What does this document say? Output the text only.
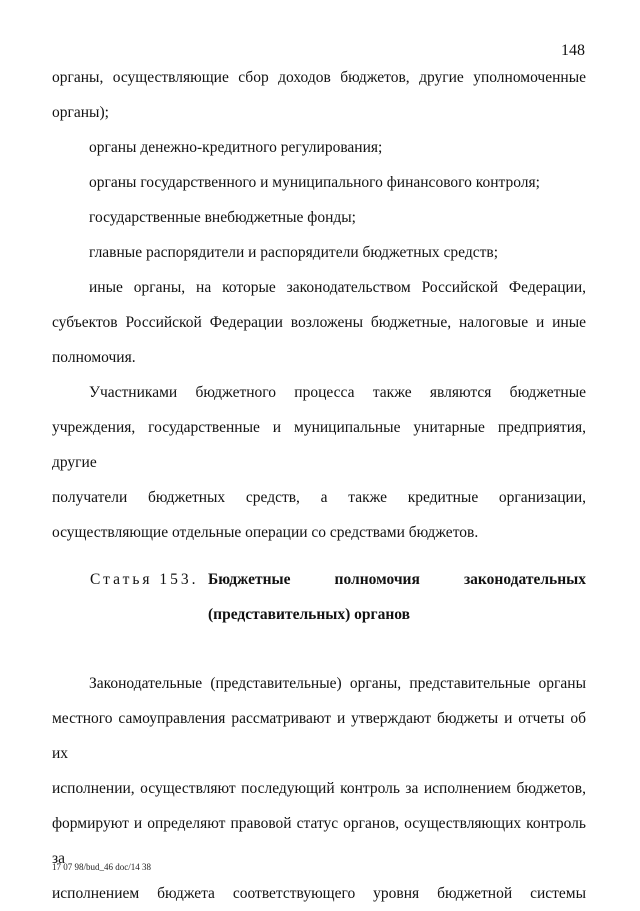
148

органы, осуществляющие сбор доходов бюджетов, другие уполномоченные
органы);

органы денежно-кредитного регулирования;

органы государственного и муниципального финансового контроля;

государственные внебюджетные фонды;

главные распорядители и распорядители бюджетных средств;

иные органы, на которые законодательством Российской Федерации,
субъектов Российской Федерации возложены бюджетные, налоговые и иные
полномочия.

Участниками бюджетного процесса также являются бюджетные
учреждения, государственные и муниципальные унитарные предприятия, другие
получатели бюджетных средств, а также кредитные организации,
осуществляющие отдельные операции со средствами бюджетов.

Статья 153. Бюджетные полномочия законодательных
(представительных) органов

Законодательные (представительные) органы, представительные органы
местного самоуправления рассматривают и утверждают бюджеты и отчеты об их
исполнении, осуществляют последующий контроль за исполнением бюджетов,
формируют и определяют правовой статус органов, осуществляющих контроль за
исполнением бюджета соответствующего уровня бюджетной системы

17 07 98/bud_46 doc/14 38
